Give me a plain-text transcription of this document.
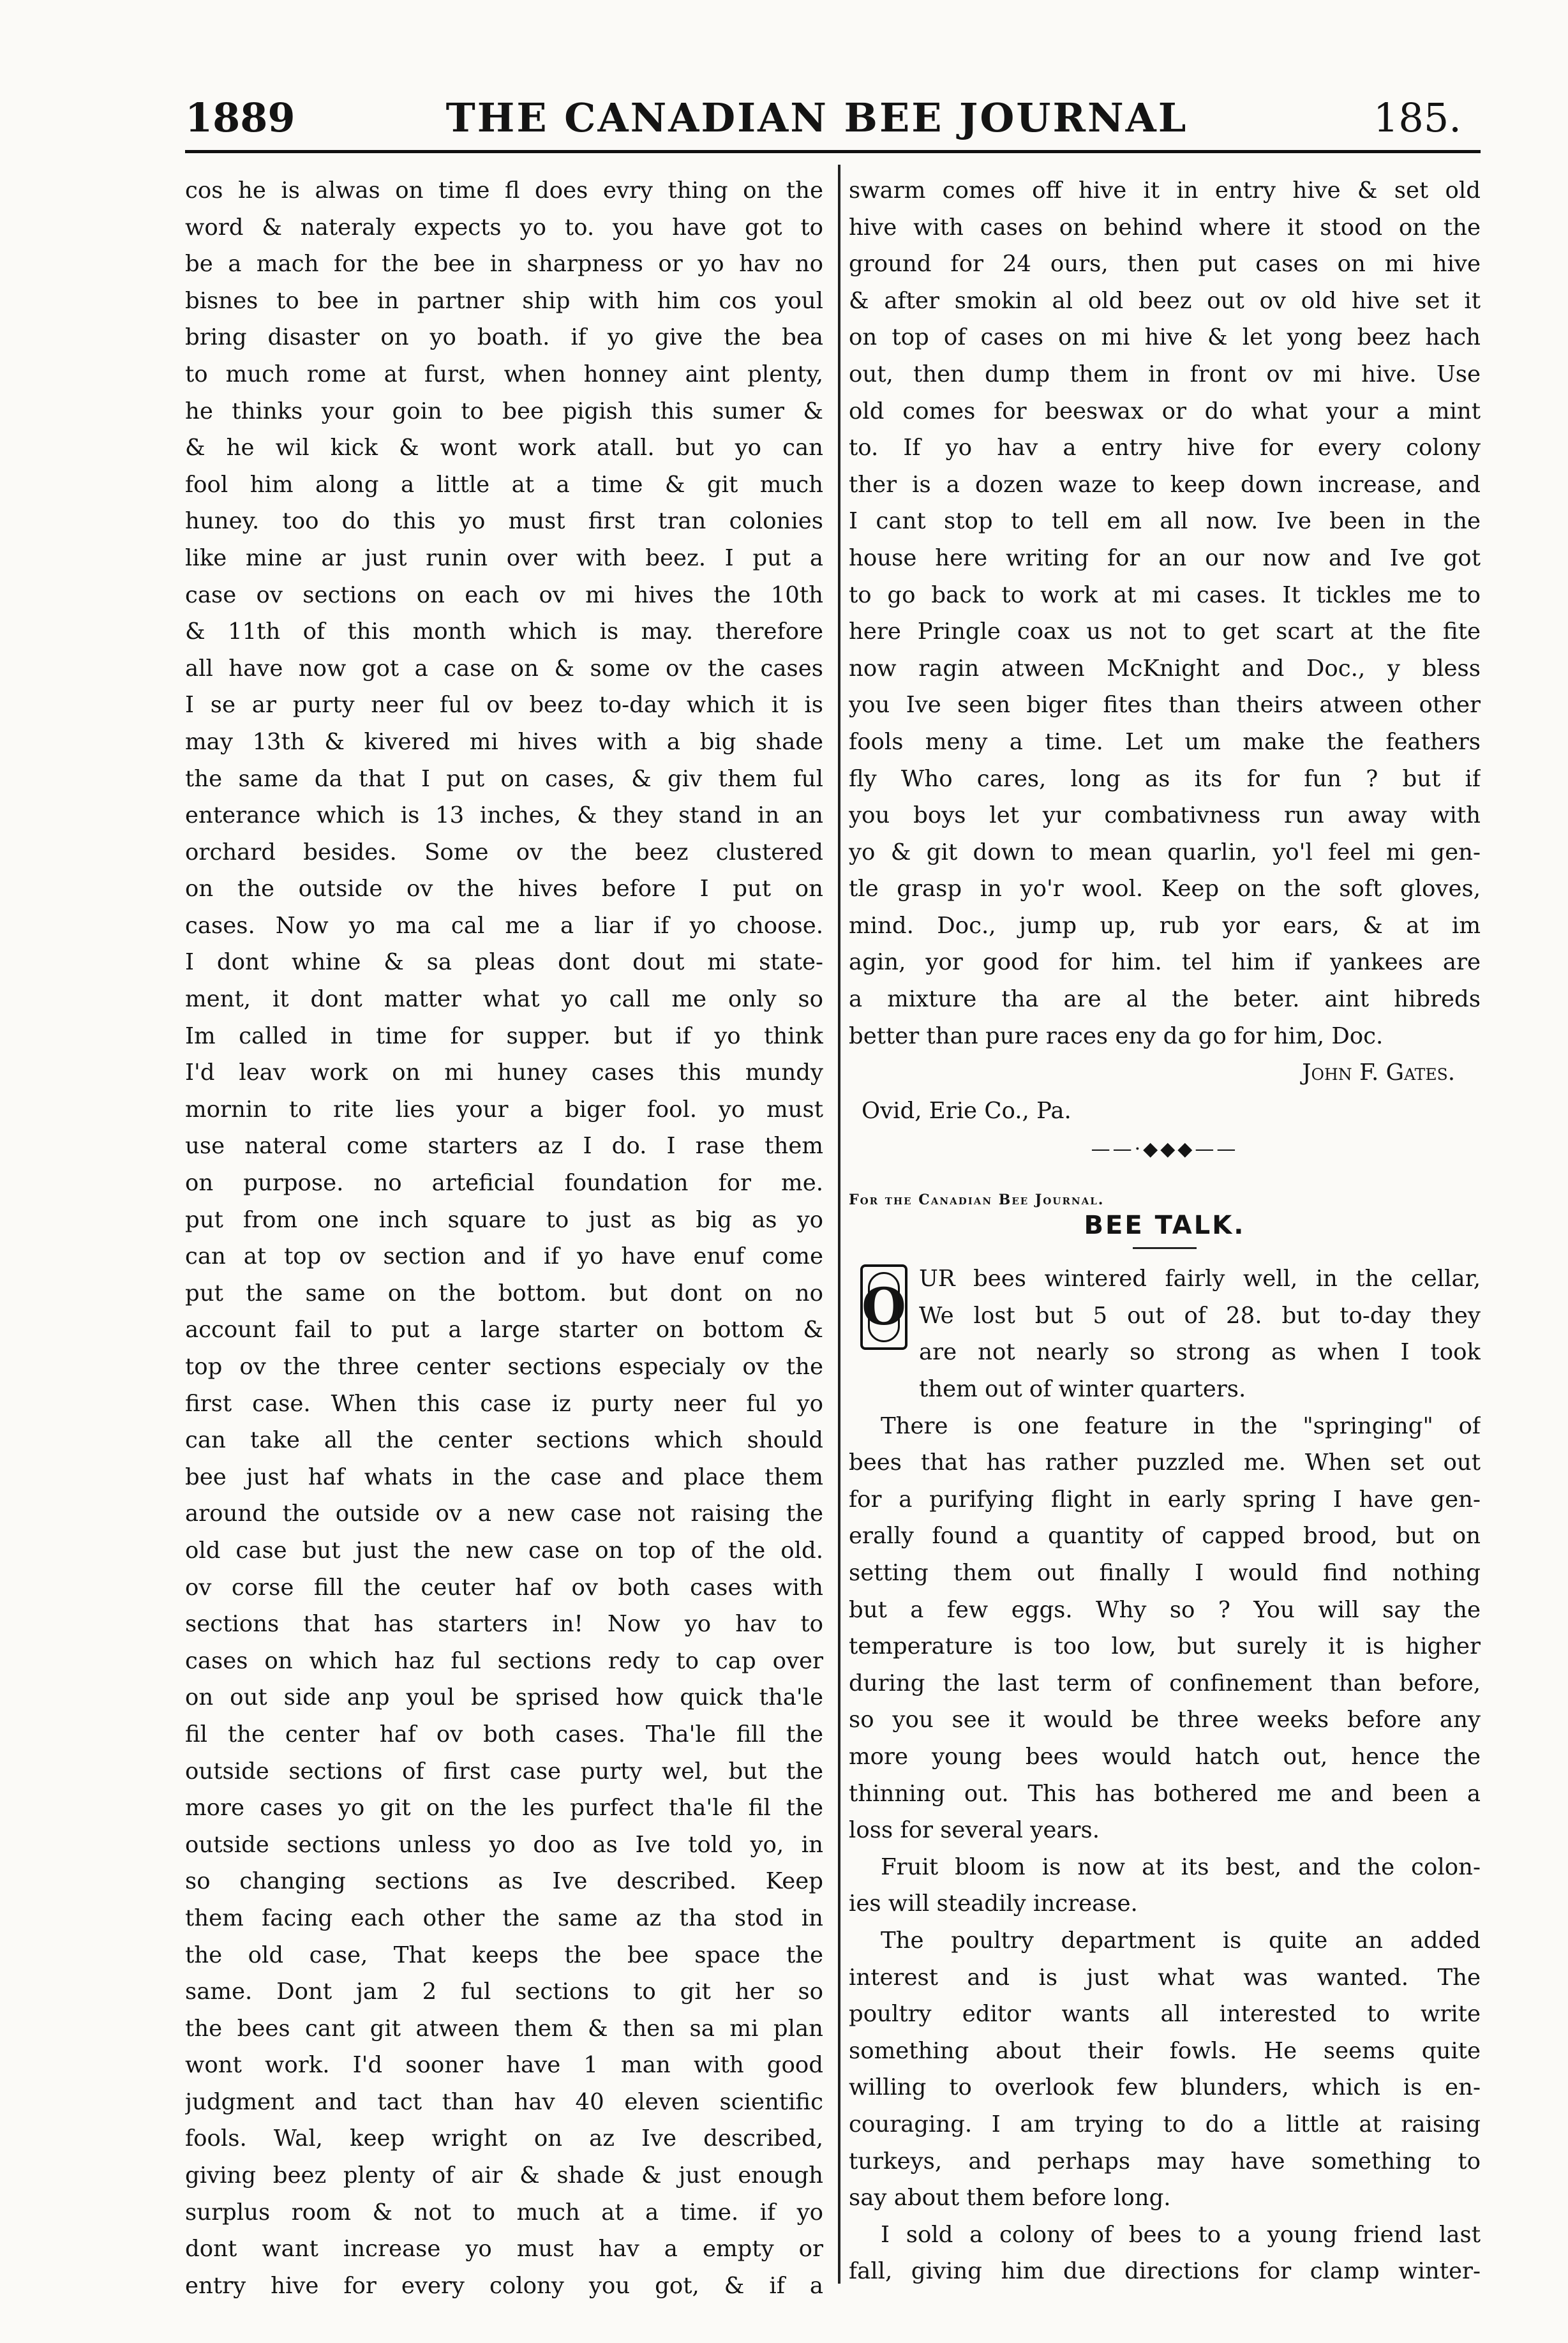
1889	THE CANADIAN BEE JOURNAL	185.
cos he is alwas on time fl does evry thing on the
word & nateraly expects yo to. you have got to
be a mach for the bee in sharpness or yo hav no
bisnes to bee in partner ship with him cos youl
bring disaster on yo boath. if yo give the bea
to much rome at furst, when honney aint plenty,
he thinks your goin to bee pigish this sumer &
& he wil kick & wont work atall. but yo can
fool him along a little at a time & git much
huney. too do this yo must first tran colonies
like mine ar just runin over with beez. I put a
case ov sections on each ov mi hives the 10th
& 11th of this month which is may. therefore
all have now got a case on & some ov the cases
I se ar purty neer ful ov beez to-day which it is
may 13th & kivered mi hives with a big shade
the same da that I put on cases, & giv them ful
enterance which is 13 inches, & they stand in an
orchard besides. Some ov the beez clustered
on the outside ov the hives before I put on
cases. Now yo ma cal me a liar if yo choose.
I dont whine & sa pleas dont dout mi state-
ment, it dont matter what yo call me only so
Im called in time for supper. but if yo think
I'd leav work on mi huney cases this mundy
mornin to rite lies your a biger fool. yo must
use nateral come starters az I do. I rase them
on purpose. no arteficial foundation for me.
put from one inch square to just as big as yo
can at top ov section and if yo have enuf come
put the same on the bottom. but dont on no
account fail to put a large starter on bottom &
top ov the three center sections especialy ov the
first case. When this case iz purty neer ful yo
can take all the center sections which should
bee just haf whats in the case and place them
around the outside ov a new case not raising the
old case but just the new case on top of the old.
ov corse fill the ceuter haf ov both cases with
sections that has starters in! Now yo hav to
cases on which haz ful sections redy to cap over
on out side anp youl be sprised how quick tha'le
fil the center haf ov both cases. Tha'le fill the
outside sections of first case purty wel, but the
more cases yo git on the les purfect tha'le fil the
outside sections unless yo doo as Ive told yo, in
so changing sections as Ive described. Keep
them facing each other the same az tha stod in
the old case, That keeps the bee space the
same. Dont jam 2 ful sections to git her so
the bees cant git atween them & then sa mi plan
wont work. I'd sooner have 1 man with good
judgment and tact than hav 40 eleven scientific
fools. Wal, keep wright on az Ive described,
giving beez plenty of air & shade & just enough
surplus room & not to much at a time. if yo
dont want increase yo must hav a empty or
entry hive for every colony you got, & if a
swarm comes off hive it in entry hive & set old
hive with cases on behind where it stood on the
ground for 24 ours, then put cases on mi hive
& after smokin al old beez out ov old hive set it
on top of cases on mi hive & let yong beez hach
out, then dump them in front ov mi hive. Use
old comes for beeswax or do what your a mint
to. If yo hav a entry hive for every colony
ther is a dozen waze to keep down increase, and
I cant stop to tell em all now. Ive been in the
house here writing for an our now and Ive got
to go back to work at mi cases. It tickles me to
here Pringle coax us not to get scart at the fite
now ragin atween McKnight and Doc., y bless
you Ive seen biger fites than theirs atween other
fools meny a time. Let um make the feathers
fly Who cares, long as its for fun ? but if
you boys let yur combativness run away with
yo & git down to mean quarlin, yo'l feel mi gen-
tle grasp in yo'r wool. Keep on the soft gloves,
mind. Doc., jump up, rub yor ears, & at im
agin, yor good for him. tel him if yankees are
a mixture tha are al the beter. aint hibreds
better than pure races eny da go for him, Doc.
John F. Gates.
Ovid, Erie Co., Pa.
——·◆◆◆——
For the Canadian Bee Journal.
BEE TALK.
O UR bees wintered fairly well, in the cellar,
We lost but 5 out of 28. but to-day they
are not nearly so strong as when I took
them out of winter quarters.
There is one feature in the "springing" of
bees that has rather puzzled me. When set out
for a purifying flight in early spring I have gen-
erally found a quantity of capped brood, but on
setting them out finally I would find nothing
but a few eggs. Why so ? You will say the
temperature is too low, but surely it is higher
during the last term of confinement than before,
so you see it would be three weeks before any
more young bees would hatch out, hence the
thinning out. This has bothered me and been a
loss for several years.
Fruit bloom is now at its best, and the colon-
ies will steadily increase.
The poultry department is quite an added
interest and is just what was wanted. The
poultry editor wants all interested to write
something about their fowls. He seems quite
willing to overlook few blunders, which is en-
couraging. I am trying to do a little at raising
turkeys, and perhaps may have something to
say about them before long.
I sold a colony of bees to a young friend last
fall, giving him due directions for clamp winter-
